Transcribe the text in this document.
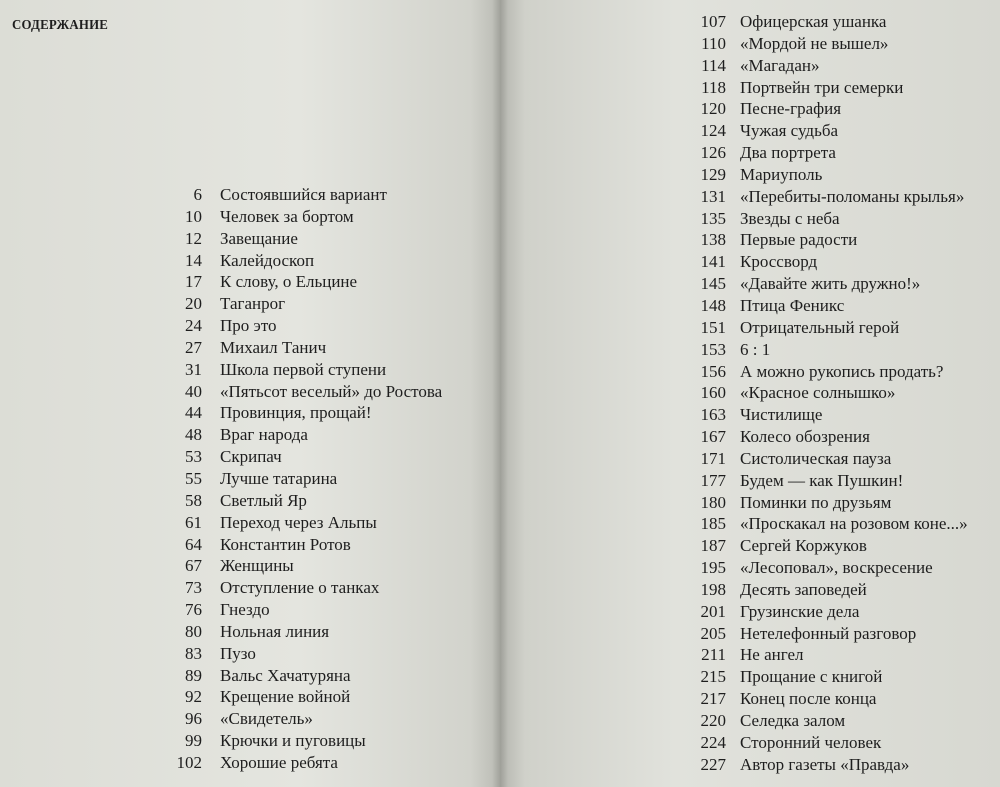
СОДЕРЖАНИЕ
6	Состоявшийся вариант
10	Человек за бортом
12	Завещание
14	Калейдоскоп
17	К слову, о Ельцине
20	Таганрог
24	Про это
27	Михаил Танич
31	Школа первой ступени
40	«Пятьсот веселый» до Ростова
44	Провинция, прощай!
48	Враг народа
53	Скрипач
55	Лучше татарина
58	Светлый Яр
61	Переход через Альпы
64	Константин Ротов
67	Женщины
73	Отступление о танках
76	Гнездо
80	Нольная линия
83	Пузо
89	Вальс Хачатуряна
92	Крещение войной
96	«Свидетель»
99	Крючки и пуговицы
102	Хорошие ребята
107 Офицерская ушанка
110 «Мордой не вышел»
114 «Магадан»
118 Портвейн три семерки
120 Песне-графия
124 Чужая судьба
126 Два портрета
129 Мариуполь
131 «Перебиты-поломаны крылья»
135 Звезды с неба
138 Первые радости
141 Кроссворд
145 «Давайте жить дружно!»
148 Птица Феникс
151 Отрицательный герой
153 6 : 1
156 А можно рукопись продать?
160 «Красное солнышко»
163 Чистилище
167 Колесо обозрения
171 Систолическая пауза
177 Будем — как Пушкин!
180 Поминки по друзьям
185 «Проскакал на розовом коне...»
187 Сергей Коржуков
195 «Лесоповал», воскресение
198 Десять заповедей
201 Грузинские дела
205 Нетелефонный разговор
211 Не ангел
215 Прощание с книгой
217 Конец после конца
220 Селедка залом
224 Сторонний человек
227 Автор газеты «Правда»
